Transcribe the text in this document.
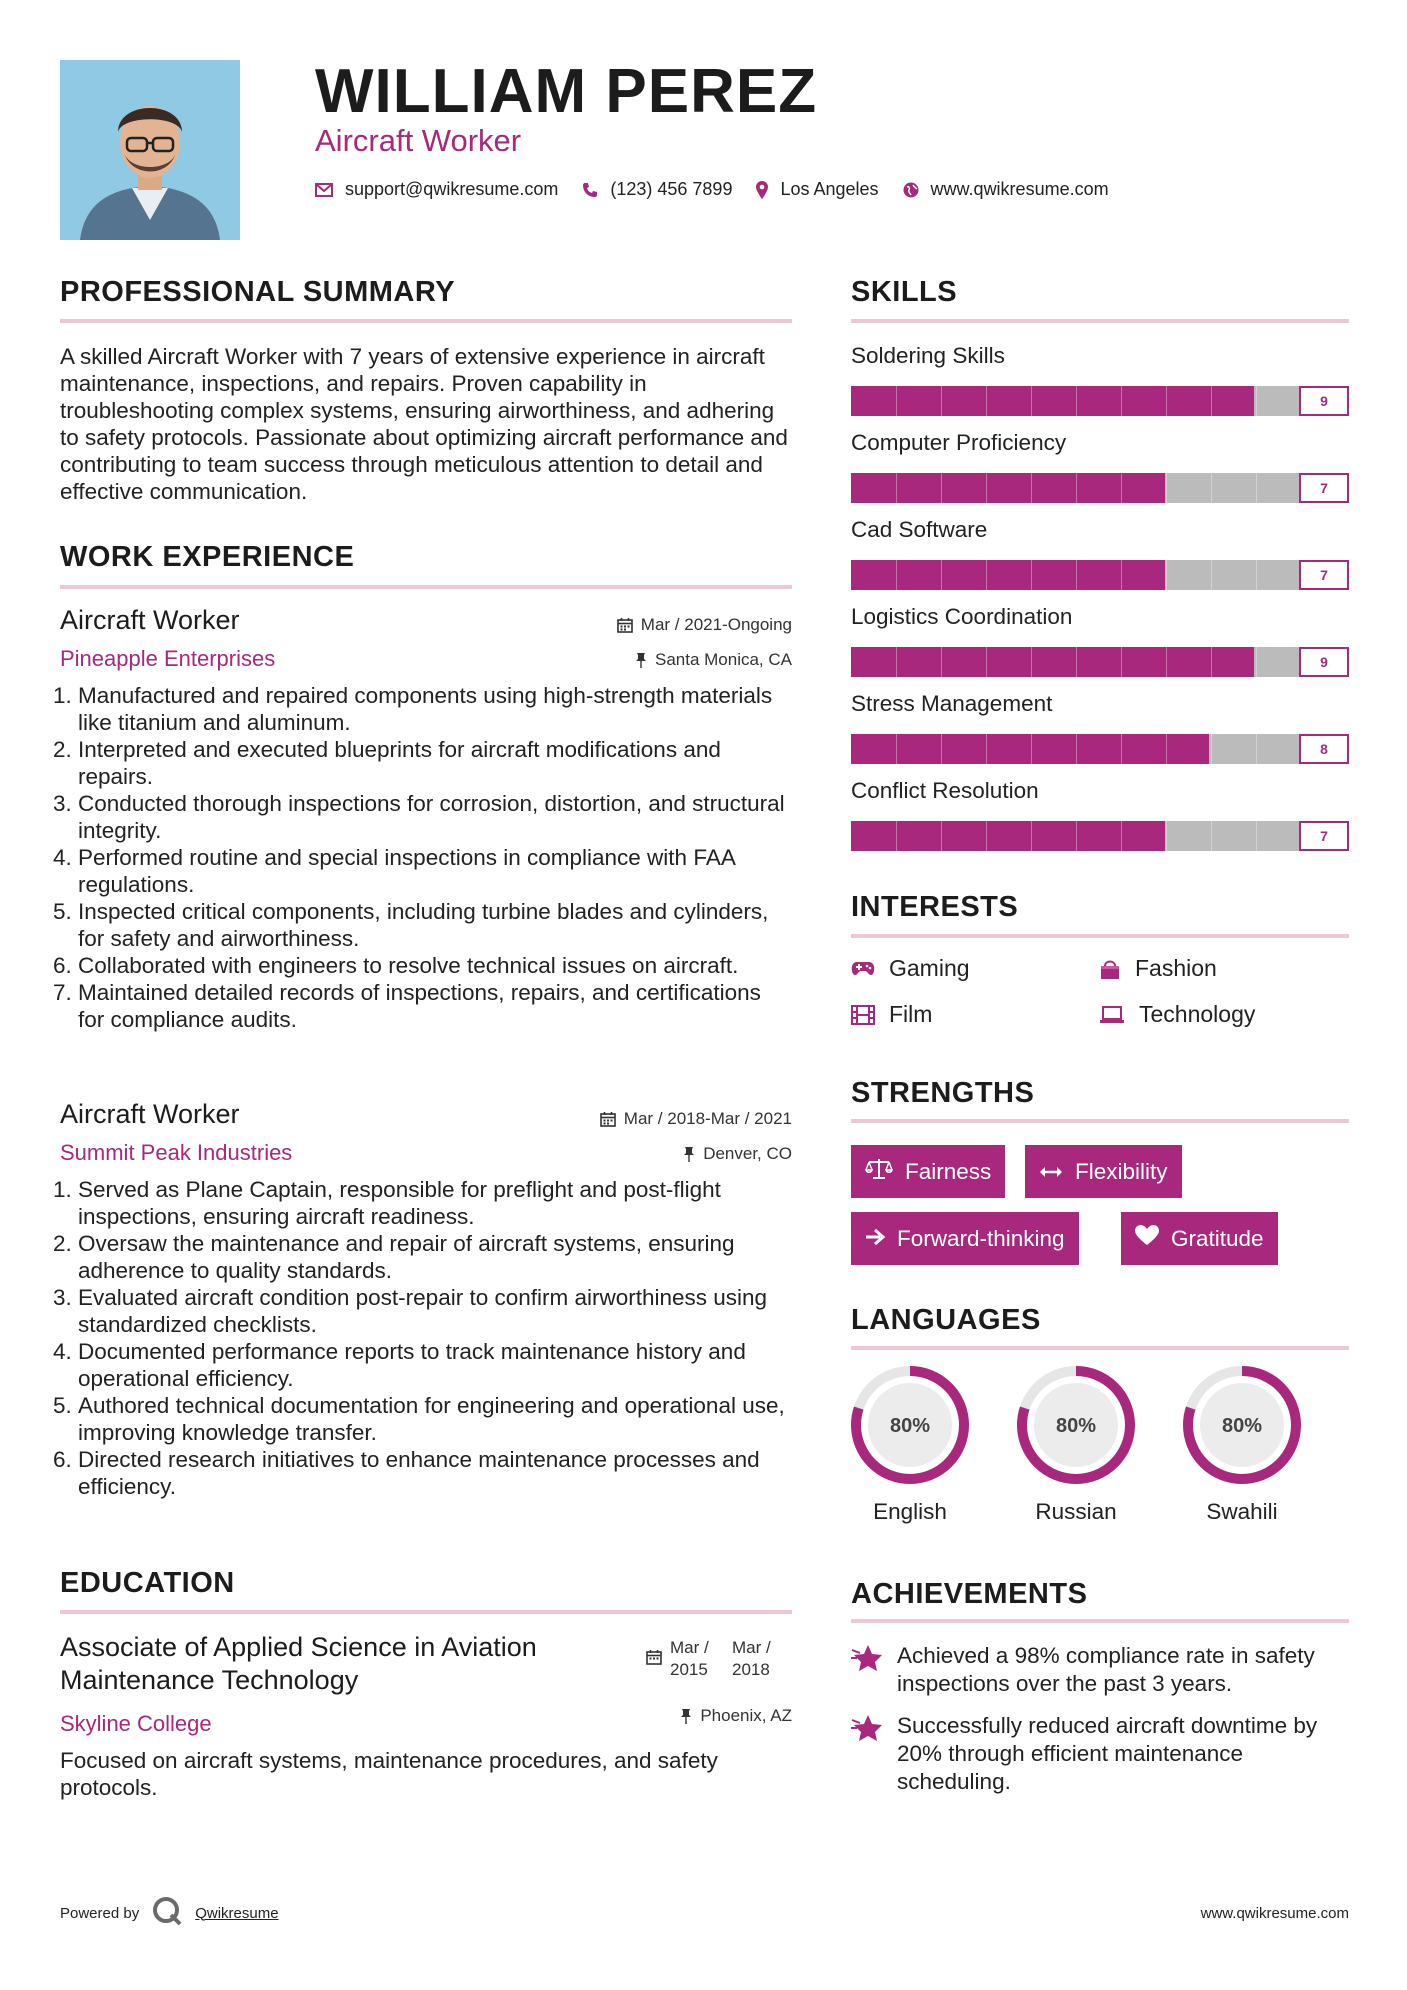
WILLIAM PEREZ
Aircraft Worker
support@qwikresume.com	(123) 456 7899	Los Angeles	www.qwikresume.com
PROFESSIONAL SUMMARY
A skilled Aircraft Worker with 7 years of extensive experience in aircraft maintenance, inspections, and repairs. Proven capability in troubleshooting complex systems, ensuring airworthiness, and adhering to safety protocols. Passionate about optimizing aircraft performance and contributing to team success through meticulous attention to detail and effective communication.
WORK EXPERIENCE
Aircraft Worker	Mar / 2021-Ongoing
Pineapple Enterprises	Santa Monica, CA
Manufactured and repaired components using high-strength materials like titanium and aluminum.
Interpreted and executed blueprints for aircraft modifications and repairs.
Conducted thorough inspections for corrosion, distortion, and structural integrity.
Performed routine and special inspections in compliance with FAA regulations.
Inspected critical components, including turbine blades and cylinders, for safety and airworthiness.
Collaborated with engineers to resolve technical issues on aircraft.
Maintained detailed records of inspections, repairs, and certifications for compliance audits.
Aircraft Worker	Mar / 2018-Mar / 2021
Summit Peak Industries	Denver, CO
Served as Plane Captain, responsible for preflight and post-flight inspections, ensuring aircraft readiness.
Oversaw the maintenance and repair of aircraft systems, ensuring adherence to quality standards.
Evaluated aircraft condition post-repair to confirm airworthiness using standardized checklists.
Documented performance reports to track maintenance history and operational efficiency.
Authored technical documentation for engineering and operational use, improving knowledge transfer.
Directed research initiatives to enhance maintenance processes and efficiency.
EDUCATION
Associate of Applied Science in Aviation Maintenance Technology
Mar / 2015
Mar / 2018
Skyline College	Phoenix, AZ
Focused on aircraft systems, maintenance procedures, and safety protocols.
SKILLS
Soldering Skills
9
Computer Proficiency
7
Cad Software
7
Logistics Coordination
9
Stress Management
8
Conflict Resolution
7
INTERESTS
Gaming	Fashion
Film	Technology
STRENGTHS
Fairness	Flexibility
Forward-thinking	Gratitude
LANGUAGES
80%
English
80%
Russian
80%
Swahili
ACHIEVEMENTS
Achieved a 98% compliance rate in safety inspections over the past 3 years.
Successfully reduced aircraft downtime by 20% through efficient maintenance scheduling.
Powered by	Qwikresume	www.qwikresume.com
